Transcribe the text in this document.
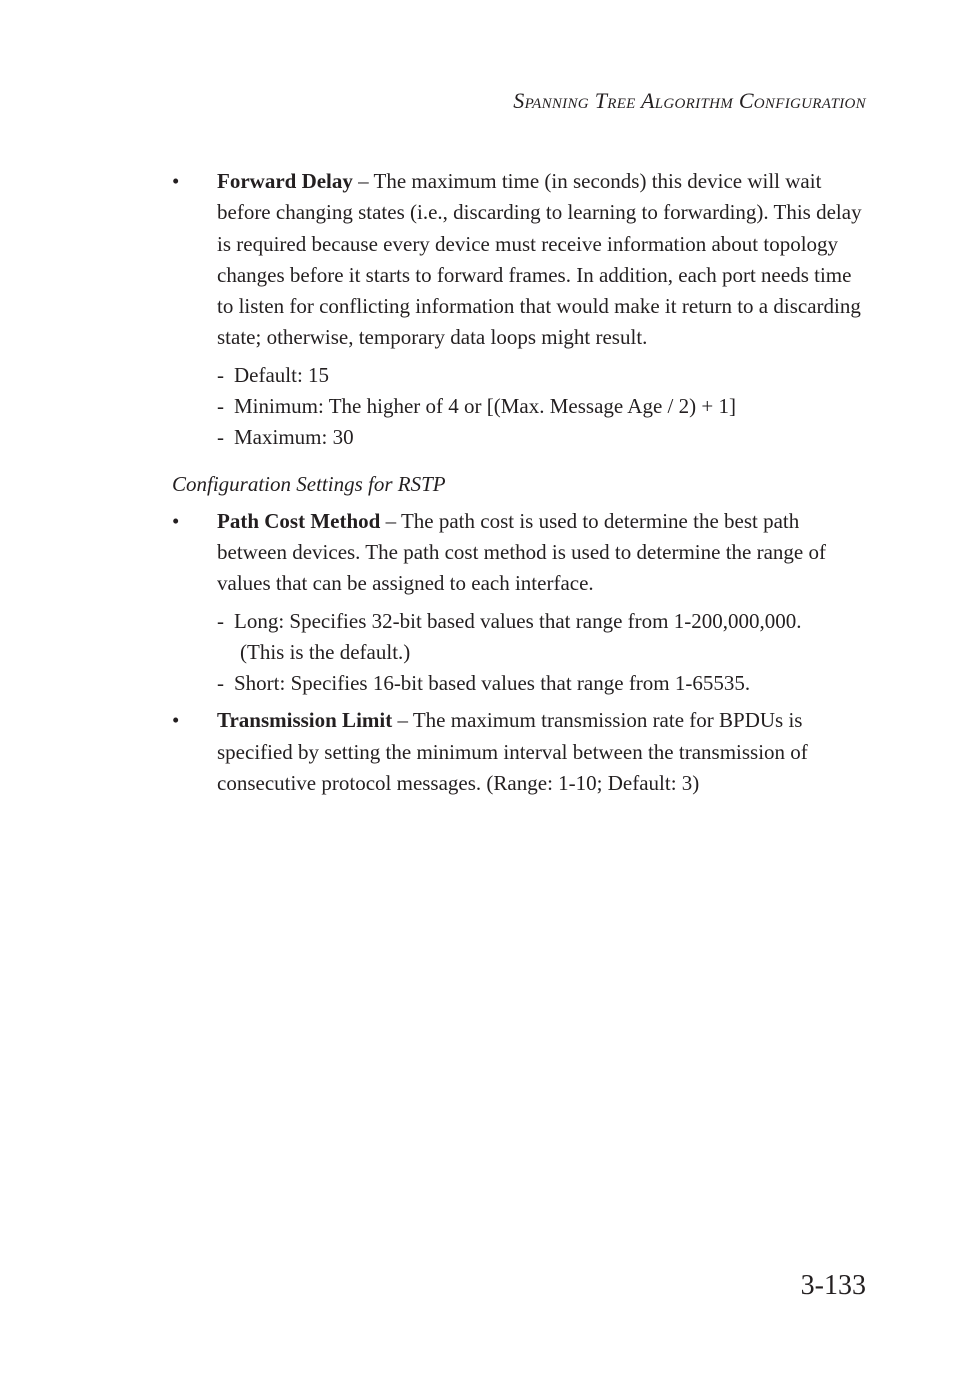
Spanning Tree Algorithm Configuration
• Forward Delay – The maximum time (in seconds) this device will wait before changing states (i.e., discarding to learning to forwarding). This delay is required because every device must receive information about topology changes before it starts to forward frames. In addition, each port needs time to listen for conflicting information that would make it return to a discarding state; otherwise, temporary data loops might result.
- Default: 15
- Minimum: The higher of 4 or [(Max. Message Age / 2) + 1]
- Maximum: 30
Configuration Settings for RSTP
• Path Cost Method – The path cost is used to determine the best path between devices. The path cost method is used to determine the range of values that can be assigned to each interface.
- Long: Specifies 32-bit based values that range from 1-200,000,000.
(This is the default.)
- Short: Specifies 16-bit based values that range from 1-65535.
• Transmission Limit – The maximum transmission rate for BPDUs is specified by setting the minimum interval between the transmission of consecutive protocol messages. (Range: 1-10; Default: 3)
3-133
